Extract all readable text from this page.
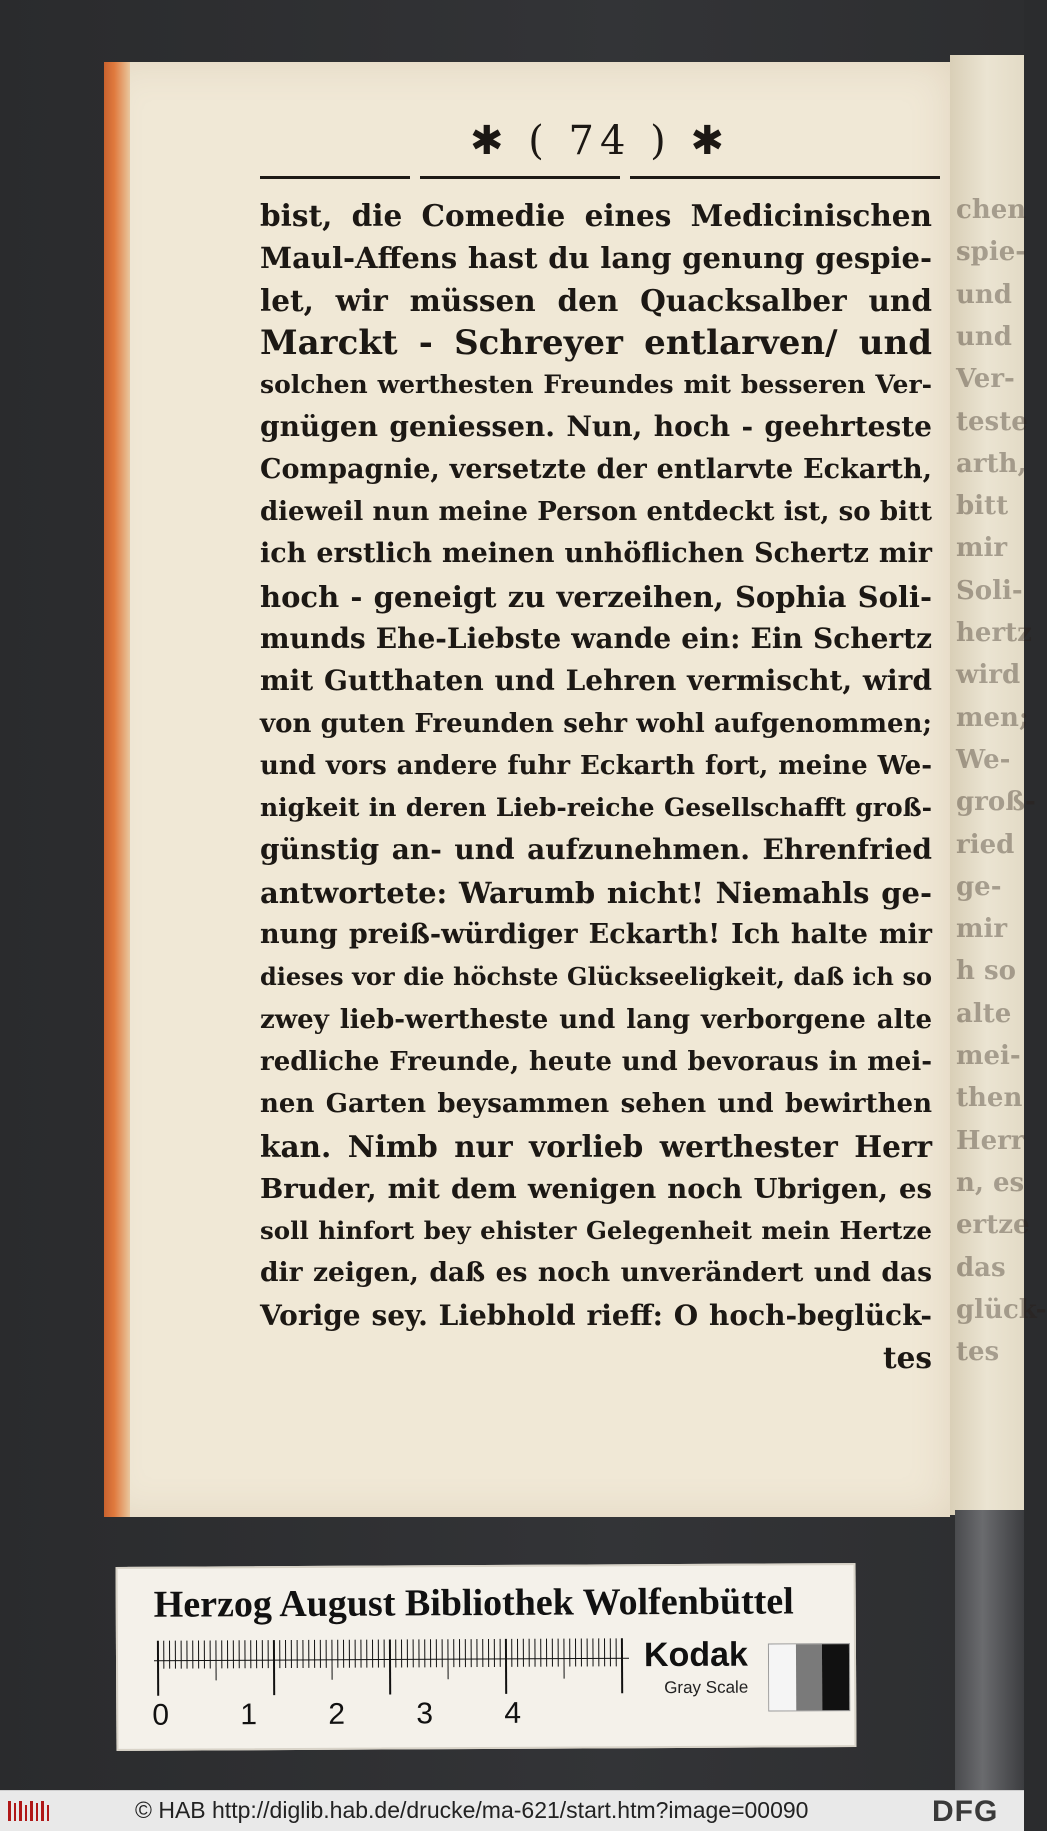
chen
spie-
und
und
Ver-
teste
arth,
bitt
mir
Soli-
hertz
wird
men;
We-
groß-
ried
ge-
mir
h so
alte
mei-
then
Herr
n, es
ertze
das
glück-
tes
✱ ( 74 ) ✱
bist, die Comedie eines Medicinischen
Maul-Affens hast du lang genung gespie-
let, wir müssen den Quacksalber und
Marckt - Schreyer entlarven/ und
solchen werthesten Freundes mit besseren Ver-
gnügen geniessen. Nun, hoch - geehrteste
Compagnie, versetzte der entlarvte Eckarth,
dieweil nun meine Person entdeckt ist, so bitt
ich erstlich meinen unhöflichen Schertz mir
hoch - geneigt zu verzeihen, Sophia Soli-
munds Ehe-Liebste wande ein: Ein Schertz
mit Gutthaten und Lehren vermischt, wird
von guten Freunden sehr wohl aufgenommen;
und vors andere fuhr Eckarth fort, meine We-
nigkeit in deren Lieb-reiche Gesellschafft groß-
günstig an- und aufzunehmen. Ehrenfried
antwortete: Warumb nicht! Niemahls ge-
nung preiß-würdiger Eckarth! Ich halte mir
dieses vor die höchste Glückseeligkeit, daß ich so
zwey lieb-wertheste und lang verborgene alte
redliche Freunde, heute und bevoraus in mei-
nen Garten beysammen sehen und bewirthen
kan. Nimb nur vorlieb werthester Herr
Bruder, mit dem wenigen noch Ubrigen, es
soll hinfort bey ehister Gelegenheit mein Hertze
dir zeigen, daß es noch unverändert und das
Vorige sey. Liebhold rieff: O hoch-beglück-
tes
Herzog August Bibliothek Wolfenbüttel
0 1 2 3 4
Kodak
Gray Scale
© HAB http://diglib.hab.de/drucke/ma-621/start.htm?image=00090	DFG
